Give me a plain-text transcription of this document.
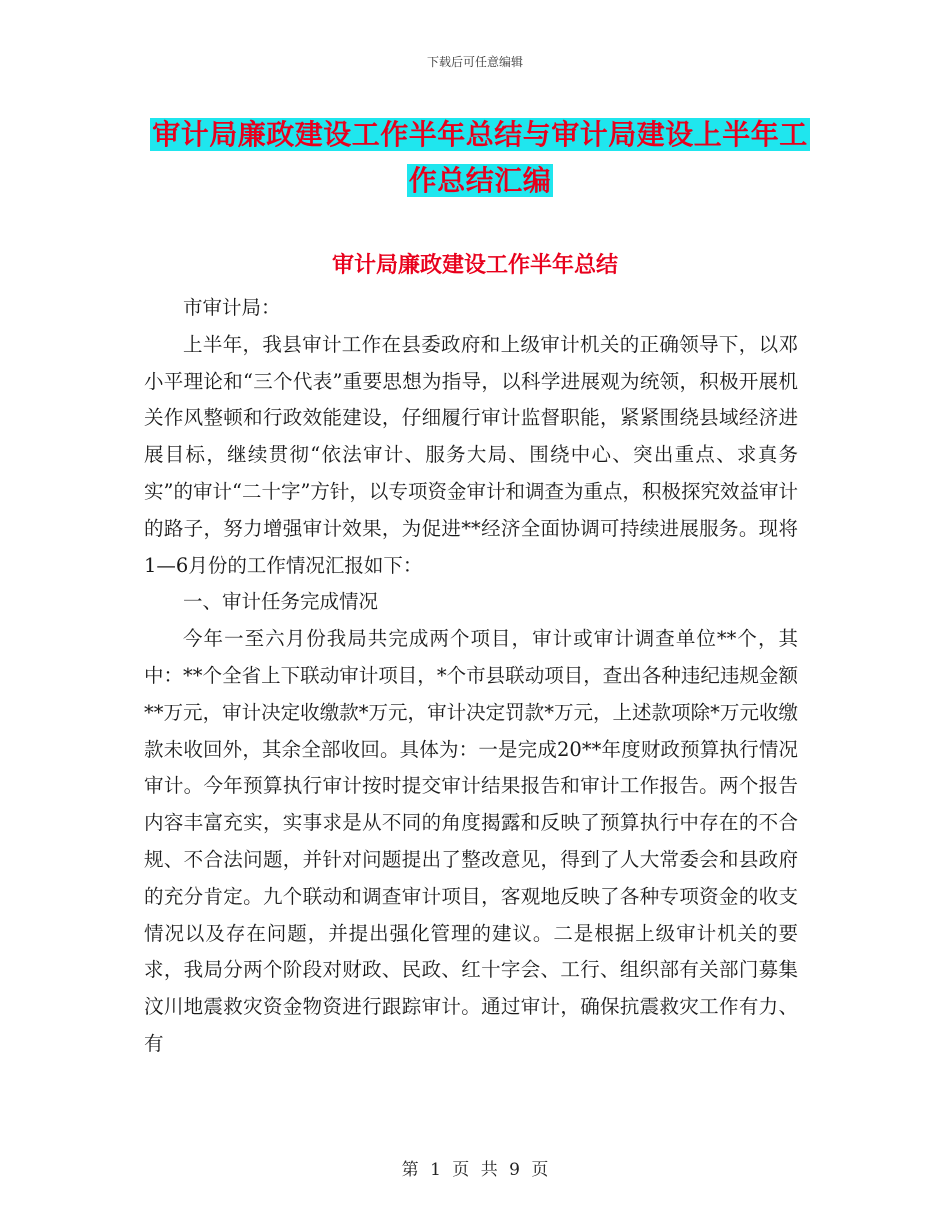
下载后可任意编辑
审计局廉政建设工作半年总结与审计局建设上半年工
作总结汇编
审计局廉政建设工作半年总结

市审计局：

上半年，我县审计工作在县委政府和上级审计机关的正确领导下，以邓小平理论和“三个代表”重要思想为指导，以科学进展观为统领，积极开展机关作风整顿和行政效能建设，仔细履行审计监督职能，紧紧围绕县域经济进展目标，继续贯彻“依法审计、服务大局、围绕中心、突出重点、求真务实”的审计“二十字”方针，以专项资金审计和调查为重点，积极探究效益审计的路子，努力增强审计效果，为促进**经济全面协调可持续进展服务。现将1—6月份的工作情况汇报如下：

一、审计任务完成情况

今年一至六月份我局共完成两个项目，审计或审计调查单位**个，其中：**个全省上下联动审计项目，*个市县联动项目，查出各种违纪违规金额**万元，审计决定收缴款*万元，审计决定罚款*万元，上述款项除*万元收缴款未收回外，其余全部收回。具体为：一是完成20**年度财政预算执行情况审计。今年预算执行审计按时提交审计结果报告和审计工作报告。两个报告内容丰富充实，实事求是从不同的角度揭露和反映了预算执行中存在的不合规、不合法问题，并针对问题提出了整改意见，得到了人大常委会和县政府的充分肯定。九个联动和调查审计项目，客观地反映了各种专项资金的收支情况以及存在问题，并提出强化管理的建议。二是根据上级审计机关的要求，我局分两个阶段对财政、民政、红十字会、工行、组织部有关部门募集汶川地震救灾资金物资进行跟踪审计。通过审计，确保抗震救灾工作有力、有

第 1 页 共 9 页
